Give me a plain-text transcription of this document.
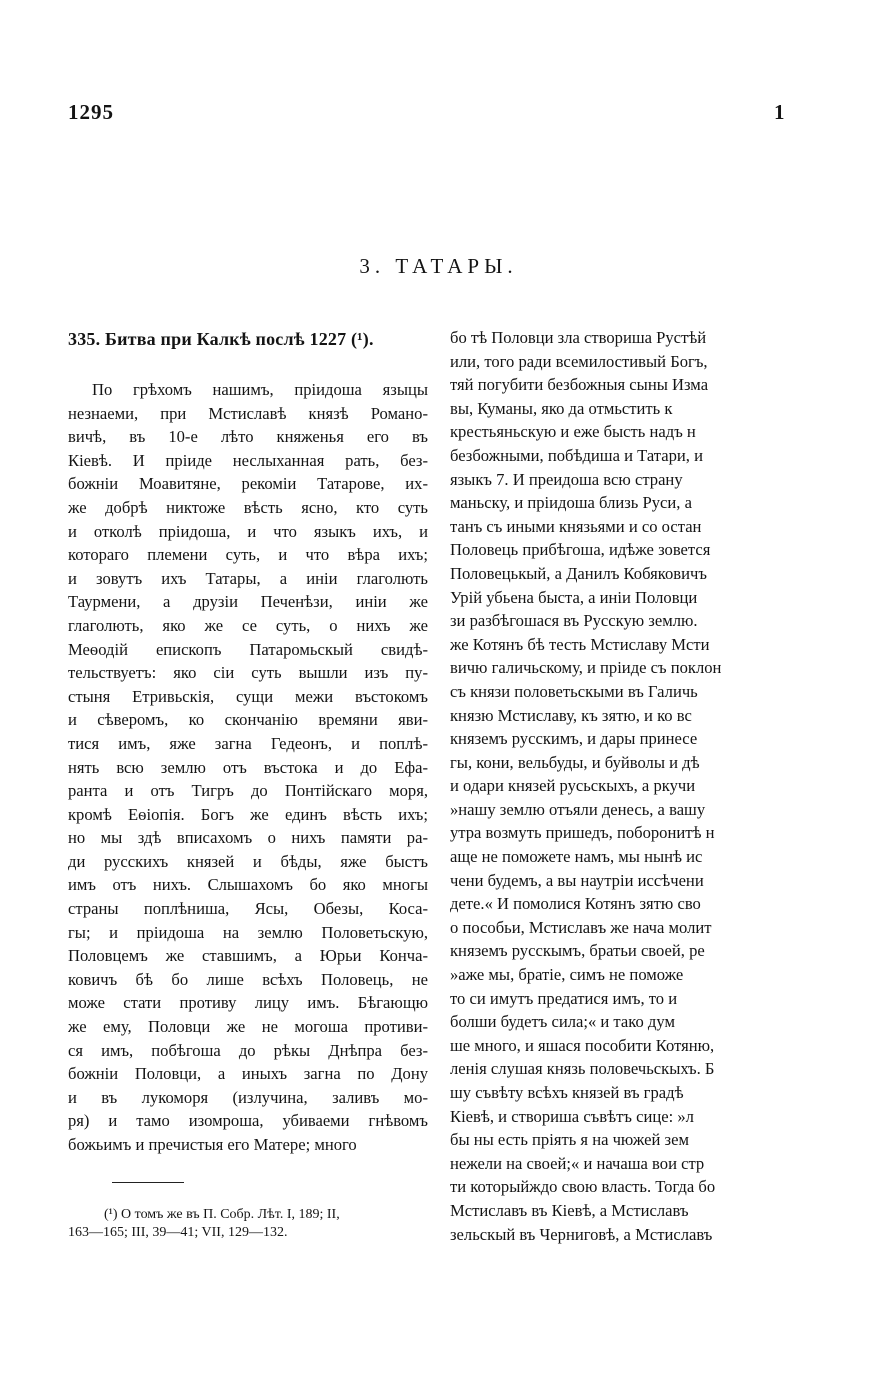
1295	1
3. ТАТАРЫ.
335. Битва при Калкѣ послѣ 1227 (¹).
По грѣхомъ нашимъ, пріидоша языцы
незнаеми, при Мстиславѣ князѣ Романо-
вичѣ, въ 10-е лѣто княженья его въ
Кіевѣ. И пріиде неслыханная рать, без-
божніи Моавитяне, рекоміи Татарове, их-
же добрѣ никтоже вѣсть ясно, кто суть
и отколѣ пріидоша, и что языкъ ихъ, и
котораго племени суть, и что вѣра ихъ;
и зовутъ ихъ Татары, а иніи глаголють
Таурмени, а друзіи Печенѣзи, иніи же
глаголють, яко же се суть, о нихъ же
Меѳодій епископъ Патаромьскый свидѣ-
тельствуетъ: яко сіи суть вышли изъ пу-
стыня Етривьскія, сущи межи въстокомъ
и сѣверомъ, ко скончанію времяни яви-
тися имъ, яже загна Гедеонъ, и поплѣ-
нять всю землю отъ въстока и до Ефа-
ранта и отъ Тигръ до Понтійскаго моря,
кромѣ Еѳіопія. Богъ же единъ вѣсть ихъ;
но мы здѣ вписахомъ о нихъ памяти ра-
ди русскихъ князей и бѣды, яже быстъ
имъ отъ нихъ. Слышахомъ бо яко многы
страны поплѣниша, Ясы, Обезы, Коса-
гы; и пріидоша на землю Половетьскую,
Половцемъ же ставшимъ, а Юрьи Конча-
ковичъ бѣ бо лише всѣхъ Половець, не
може стати противу лицу имъ. Бѣгающю
же ему, Половци же не могоша противи-
ся имъ, побѣгоша до рѣкы Днѣпра без-
божніи Половци, а иныхъ загна по Дону
и въ лукоморя (излучина, заливъ мо-
ря) и тамо изомроша, убиваеми гнѣвомъ
божьимъ и пречистыя его Матере; много
бо тѣ Половци зла створиша Рустѣй
или, того ради всемилостивый Богъ,
тяй погубити безбожныя сыны Изма
вы, Куманы, яко да отмьстить к
крестьяньскую и еже бысть надъ н
безбожными, побѣдиша и Татари, и
языкъ 7. И преидоша всю страну
маньску, и пріидоша близь Руси, а
танъ съ иными князьями и со остан
Половець прибѣгоша, идѣже зовется
Половецькый, а Данилъ Кобяковичъ
Урій убьена быста, а иніи Половци
зи разбѣгошася въ Русскую землю.
же Котянъ бѣ тесть Мстиславу Мсти
вичю галичьскому, и пріиде съ поклон
съ князи половетьскыми въ Галичь
князю Мстиславу, къ зятю, и ко вс
княземъ русскимъ, и дары принесе
гы, кони, вельбуды, и буйволы и дѣ
и одари князей русьскыхъ, а ркучи
»нашу землю отъяли денесь, а вашу
утра возмуть пришедъ, поборонитѣ н
аще не поможете намъ, мы нынѣ ис
чени будемъ, а вы наутріи иссѣчени
дете.« И помолися Котянъ зятю сво
о пособьи, Мстиславъ же нача молит
княземъ русскымъ, братьи своей, ре
»аже мы, братіе, симъ не поможе
то си имутъ предатися имъ, то и
болши будетъ сила;« и тако дум
ше много, и яшася пособити Котяню,
ленія слушая князь половечьскыхъ. Б
шу съвѣту всѣхъ князей въ градѣ
Кіевѣ, и створиша съвѣтъ сице: »л
бы ны есть пріять я на чюжей зем
нежели на своей;« и начаша вои стр
ти которыйждо свою власть. Тогда бо
Мстиславъ въ Кіевѣ, а Мстиславъ
зельскый въ Черниговѣ, а Мстиславъ
(¹) О томъ же въ П. Собр. Лѣт. I, 189; II,
163—165; III, 39—41; VII, 129—132.
